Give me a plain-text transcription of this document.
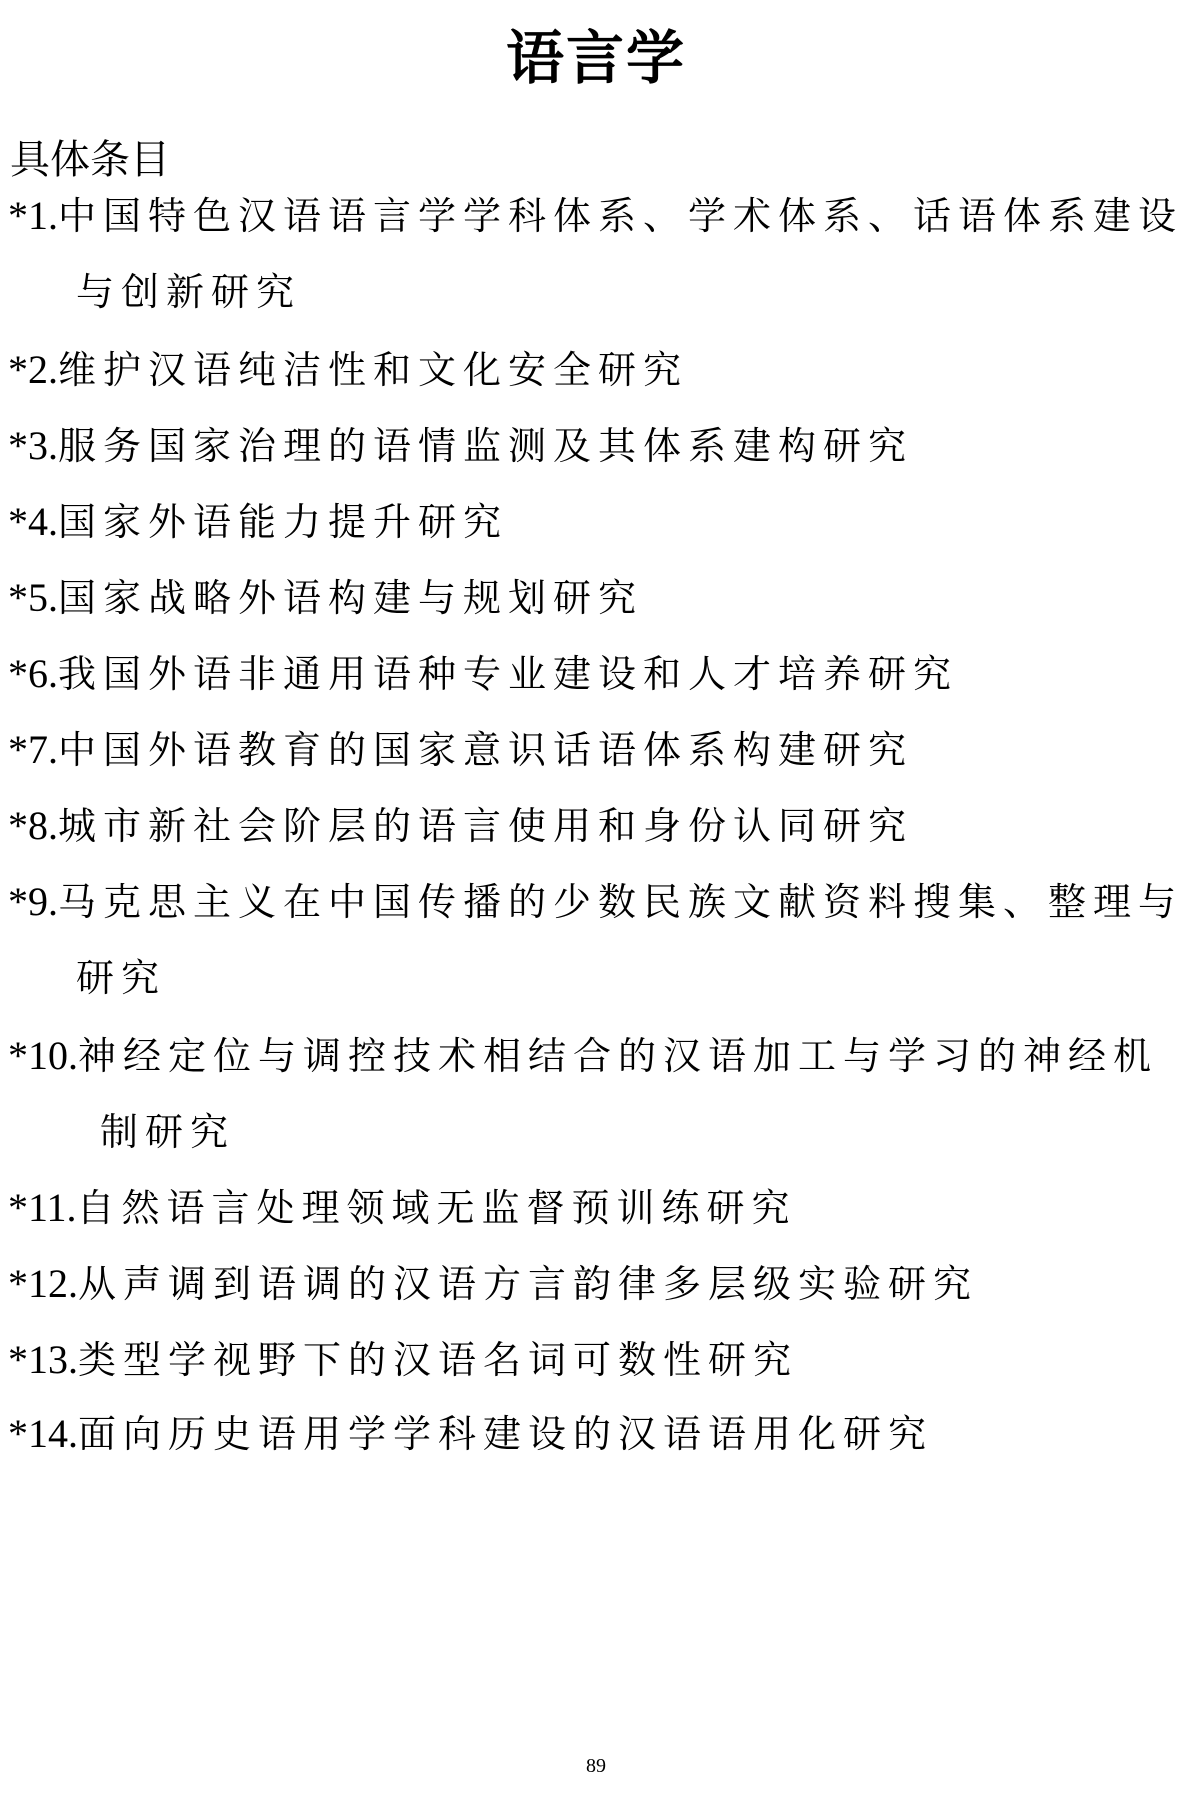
语言学
具体条目
*1.中国特色汉语语言学学科体系、学术体系、话语体系建设
与创新研究
*2.维护汉语纯洁性和文化安全研究
*3.服务国家治理的语情监测及其体系建构研究
*4.国家外语能力提升研究
*5.国家战略外语构建与规划研究
*6.我国外语非通用语种专业建设和人才培养研究
*7.中国外语教育的国家意识话语体系构建研究
*8.城市新社会阶层的语言使用和身份认同研究
*9.马克思主义在中国传播的少数民族文献资料搜集、整理与
研究
*10.神经定位与调控技术相结合的汉语加工与学习的神经机
制研究
*11.自然语言处理领域无监督预训练研究
*12.从声调到语调的汉语方言韵律多层级实验研究
*13.类型学视野下的汉语名词可数性研究
*14.面向历史语用学学科建设的汉语语用化研究
89
